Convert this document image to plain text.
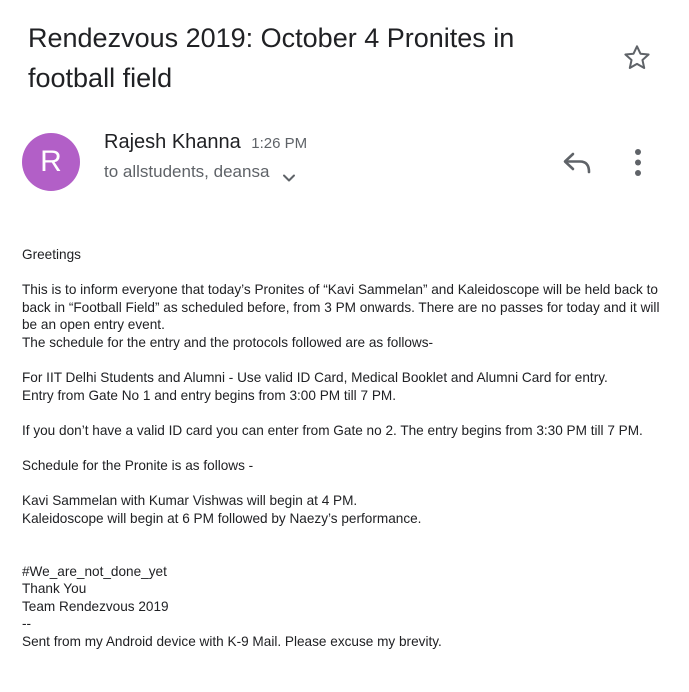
Rendezvous 2019: October 4 Pronites in football field
R
Rajesh Khanna 1:26 PM
to allstudents, deansa

Greetings

This is to inform everyone that today’s Pronites of “Kavi Sammelan” and Kaleidoscope will be held back to back in “Football Field” as scheduled before, from 3 PM onwards. There are no passes for today and it will be an open entry event.

The schedule for the entry and the protocols followed are as follows-

For IIT Delhi Students and Alumni - Use valid ID Card, Medical Booklet and Alumni Card for entry.

Entry from Gate No 1 and entry begins from 3:00 PM till 7 PM.

If you don’t have a valid ID card you can enter from Gate no 2. The entry begins from 3:30 PM till 7 PM.

Schedule for the Pronite is as follows -

Kavi Sammelan with Kumar Vishwas will begin at 4 PM.

Kaleidoscope will begin at 6 PM followed by Naezy’s performance.

#We_are_not_done_yet

Thank You

Team Rendezvous 2019

--

Sent from my Android device with K-9 Mail. Please excuse my brevity.
